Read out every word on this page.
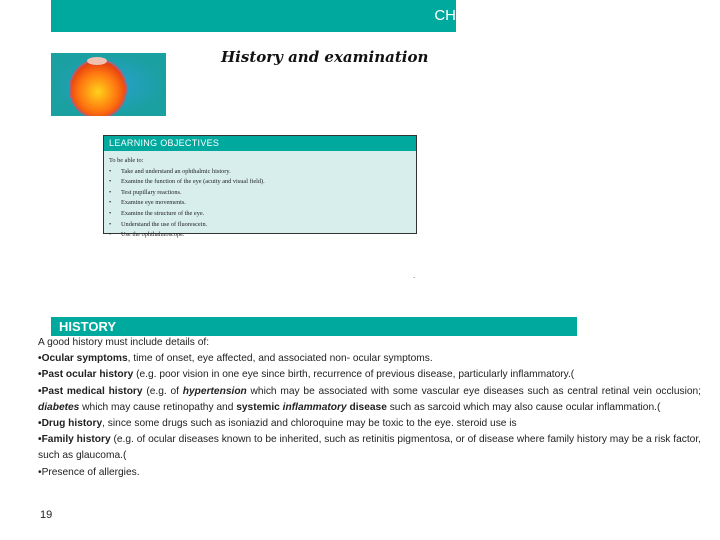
CH
History and examination
LEARNING OBJECTIVES
To be able to:
• Take and understand an ophthalmic history.
• Examine the function of the eye (acuity and visual field).
• Test pupillary reactions.
• Examine eye movements.
• Examine the structure of the eye.
• Understand the use of fluorescein.
• Use the ophthalmoscope.
.
HISTORY

A good history must include details of:

•Ocular symptoms, time of onset, eye affected, and associated non- ocular symptoms.

•Past ocular history (e.g. poor vision in one eye since birth, recurrence of previous disease, particularly inflammatory.(

•Past medical history (e.g. of hypertension which may be associated with some vascular eye diseases such as central retinal vein occlusion; diabetes which may cause retinopathy and systemic inflammatory disease such as sarcoid which may also cause ocular inflammation.(

•Drug history, since some drugs such as isoniazid and chloroquine may be toxic to the eye. steroid use is

•Family history (e.g. of ocular diseases known to be inherited, such as retinitis pigmentosa, or of disease where family history may be a risk factor, such as glaucoma.(

•Presence of allergies.

19
